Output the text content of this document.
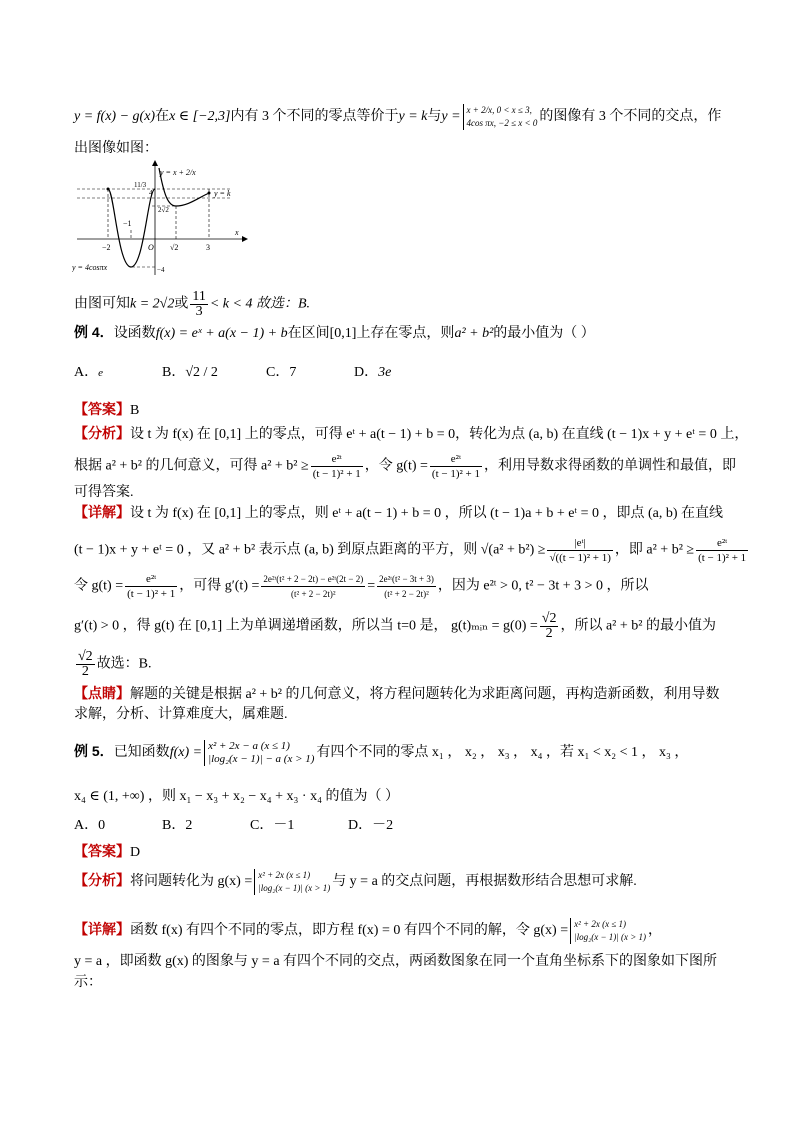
y = f(x) − g(x)在x ∈ [−2,3]内有 3 个不同的零点等价于y = k与y = x + 2/x, 0 < x ≤ 3,
4cos πx, −2 ≤ x < 0 的图像有 3 个不同的交点，作
出图像如图：
y = x + 2/x
y = k
y = 4cosπx
−2
−1
O √2	3
x
11/3
4
2√2
−4
由图可知k = 2√2或 $\frac{11}{3} < k < 4$ 故选：B.
例 4．设函数f(x) = eˣ + a(x − 1) + b在区间[0,1]上存在零点，则a² + b²的最小值为（ ）
A．e	B．√2 / 2	C．7	D．3e
【答案】B
【分析】设 t 为 f(x) 在 [0,1] 上的零点，可得 eᵗ + a(t − 1) + b = 0，转化为点 (a, b) 在直线 (t − 1)x + y + eᵗ = 0 上，
根据 a² + b² 的几何意义，可得 $a^2 + b^2 \ge \frac{\text{e²ᵗ}}{\text{(t − 1)² + 1}}$ ，令 $g(t) = \frac{\text{e²ᵗ}}{\text{(t − 1)² + 1}}$ ，利用导数求得函数的单调性和最值，即
可得答案.
【详解】设 t 为 f(x) 在 [0,1] 上的零点，则 eᵗ + a(t − 1) + b = 0 ，所以 (t − 1)a + b + eᵗ = 0 ，即点 (a, b) 在直线
(t − 1)x + y + eᵗ = 0 ，又 a² + b² 表示点 (a, b) 到原点距离的平方，则 $√(a^2 + b^2) \ge \frac{\text{|eᵗ|}}{\text{√((t − 1)² + 1)}}$ ，即 $a^2 + b^2 \ge \frac{\text{e²ᵗ}}{\text{(t − 1)² + 1}}$
令 $g(t) = \frac{\text{e²ᵗ}}{\text{(t − 1)² + 1}}$ ，可得 $g'(t) = \frac{\text{2e²ᵗ(t² + 2 − 2t) − e²ᵗ(2t − 2)}}{\text{(t² + 2 − 2t)²}} = \frac{\text{2e²ᵗ(t² − 3t + 3)}}{\text{(t² + 2 − 2t)²}}$ ，因为 e²ᵗ > 0, t² − 3t + 3 > 0 ，所以
g′(t) > 0 ，得 g(t) 在 [0,1] 上为单调递增函数，所以当 t=0 是， g(t)ₘᵢₙ = $g(0) = \frac{√2}{2}$ ，所以 a² + b² 的最小值为
$\frac{√2}{2}$ 故选：B.
【点睛】解题的关键是根据 a² + b² 的几何意义，将方程问题转化为求距离问题，再构造新函数，利用导数
求解，分析、计算难度大，属难题.
例 5．已知函数f(x) = x² + 2x − a (x ≤ 1)
|log₂(x − 1)| − a (x > 1) 有四个不同的零点 x₁ ， x₂ ， x₃ ， x₄ ，若 x₁ < x₂ < 1 ， x₃ ，
x₄ ∈ (1, +∞) ，则 x₁ − x₃ + x₂ − x₄ + x₃ · x₄ 的值为（ ）
A．0	B．2	C．－1	D．－2
【答案】D
【分析】将问题转化为 g(x) = x² + 2x (x ≤ 1)
|log₂(x − 1)| (x > 1) 与 y = a 的交点问题，再根据数形结合思想可求解.
【详解】函数 f(x) 有四个不同的零点，即方程 f(x) = 0 有四个不同的解，令 g(x) = x² + 2x (x ≤ 1)
|log₂(x − 1)| (x > 1) ，
y = a ，即函数 g(x) 的图象与 y = a 有四个不同的交点，两函数图象在同一个直角坐标系下的图象如下图所
示：
